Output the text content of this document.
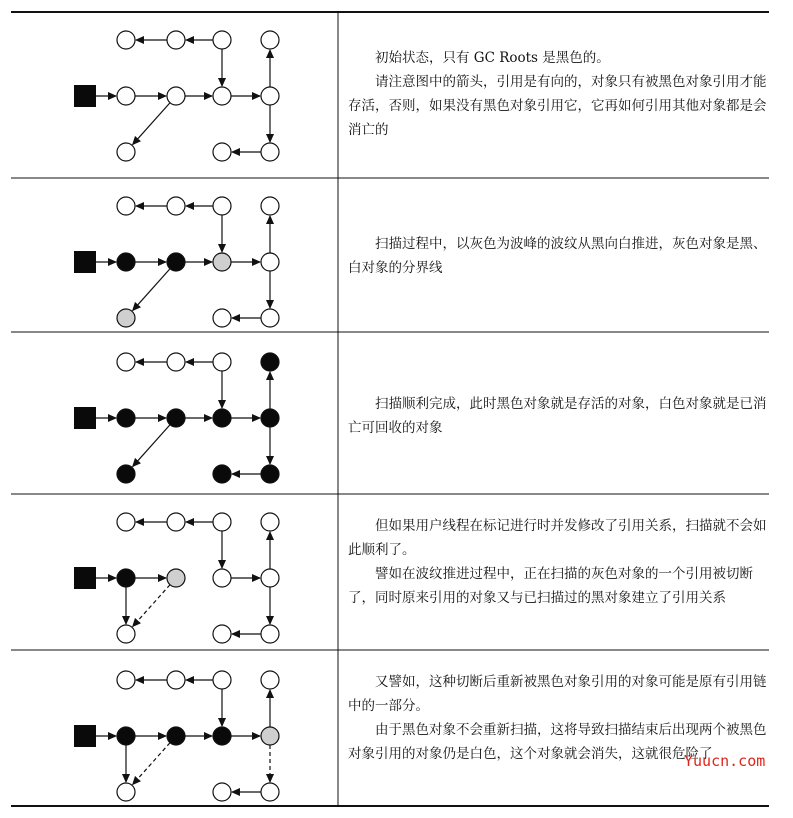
初始状态，只有 GC Roots 是黑色的。

请注意图中的箭头，引用是有向的，对象只有被黑色对象引用才能存活，否则，如果没有黑色对象引用它，它再如何引用其他对象都是会消亡的

扫描过程中，以灰色为波峰的波纹从黑向白推进，灰色对象是黑、白对象的分界线

扫描顺利完成，此时黑色对象就是存活的对象，白色对象就是已消亡可回收的对象

但如果用户线程在标记进行时并发修改了引用关系，扫描就不会如此顺利了。

譬如在波纹推进过程中，正在扫描的灰色对象的一个引用被切断了，同时原来引用的对象又与已扫描过的黑对象建立了引用关系

又譬如，这种切断后重新被黑色对象引用的对象可能是原有引用链中的一部分。

由于黑色对象不会重新扫描，这将导致扫描结束后出现两个被黑色对象引用的对象仍是白色，这个对象就会消失，这就很危险了

Yuucn.com
